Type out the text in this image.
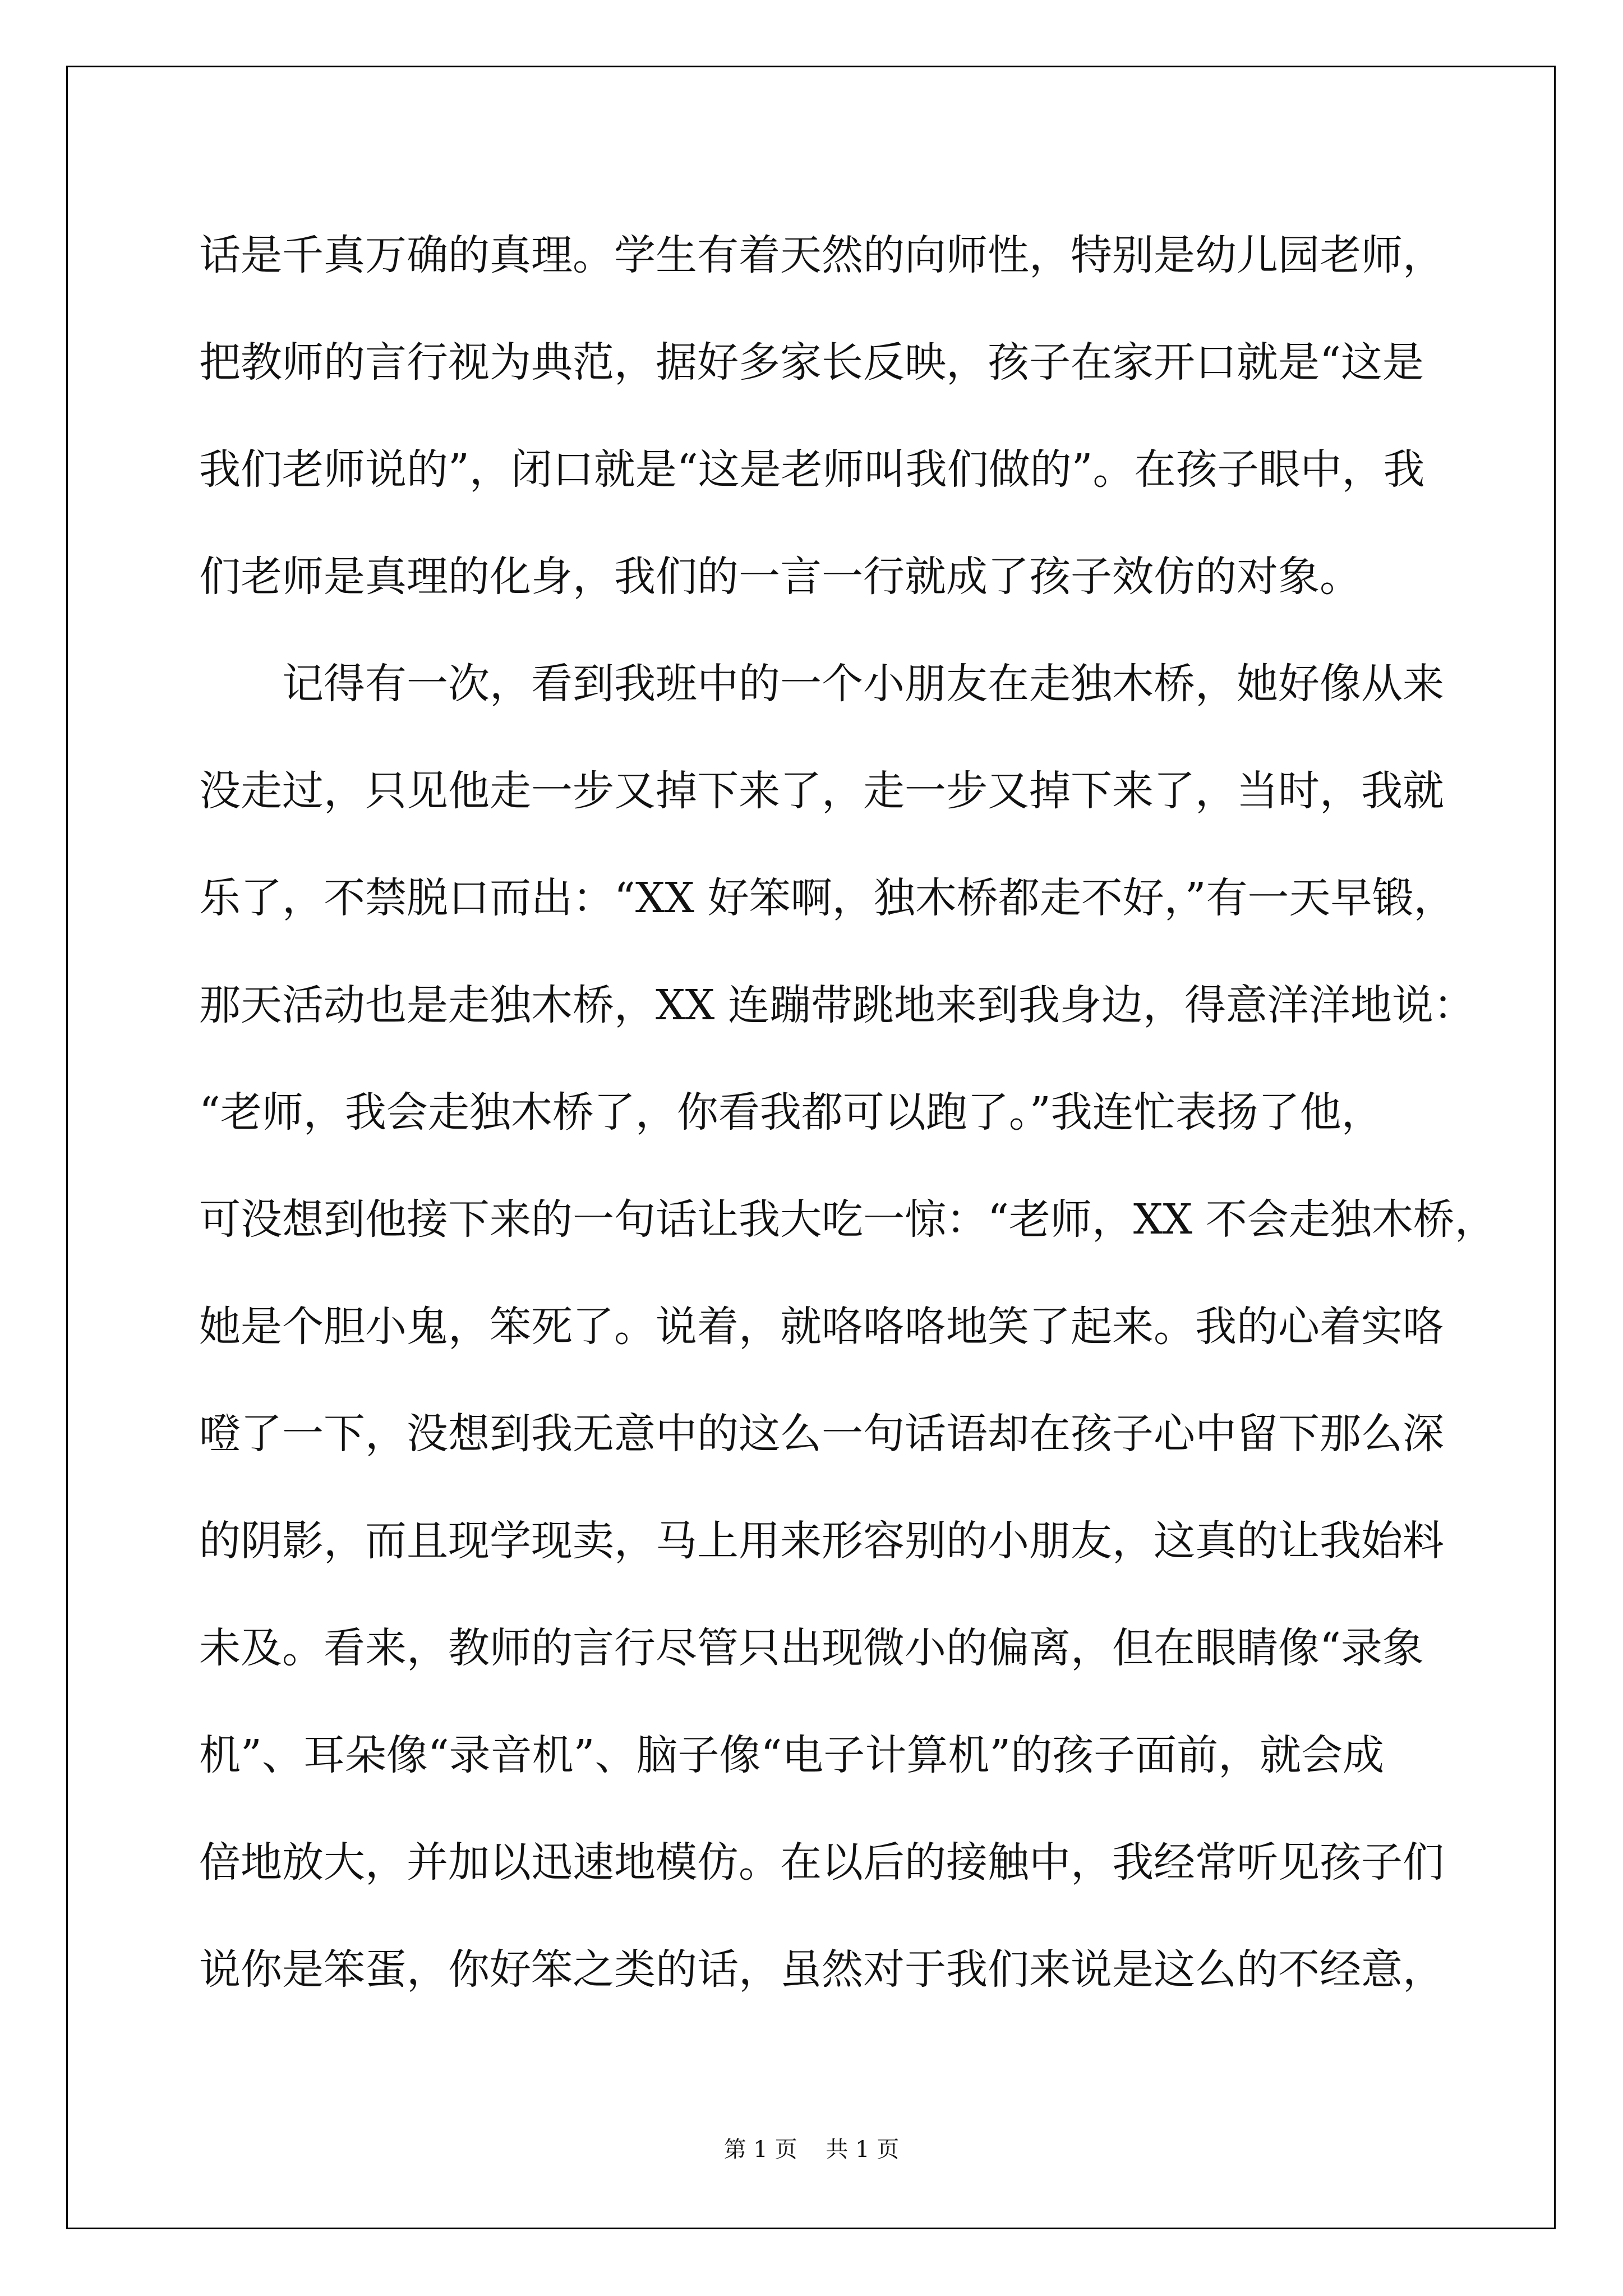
话是千真万确的真理。学生有着天然的向师性，特别是幼儿园老师，
把教师的言行视为典范，据好多家长反映，孩子在家开口就是“这是
我们老师说的”，闭口就是“这是老师叫我们做的”。在孩子眼中，我
们老师是真理的化身，我们的一言一行就成了孩子效仿的对象。
记得有一次，看到我班中的一个小朋友在走独木桥，她好像从来
没走过，只见他走一步又掉下来了，走一步又掉下来了，当时，我就
乐了，不禁脱口而出：“XX 好笨啊，独木桥都走不好，”有一天早锻，
那天活动也是走独木桥，XX 连蹦带跳地来到我身边，得意洋洋地说：
“老师，我会走独木桥了，你看我都可以跑了。”我连忙表扬了他，
可没想到他接下来的一句话让我大吃一惊：“老师，XX 不会走独木桥，
她是个胆小鬼，笨死了。说着，就咯咯咯地笑了起来。我的心着实咯
噔了一下，没想到我无意中的这么一句话语却在孩子心中留下那么深
的阴影，而且现学现卖，马上用来形容别的小朋友，这真的让我始料
未及。看来，教师的言行尽管只出现微小的偏离，但在眼睛像“录象
机”、耳朵像“录音机”、脑子像“电子计算机”的孩子面前，就会成
倍地放大，并加以迅速地模仿。在以后的接触中，我经常听见孩子们
说你是笨蛋，你好笨之类的话，虽然对于我们来说是这么的不经意，
第 1 页    共 1 页
